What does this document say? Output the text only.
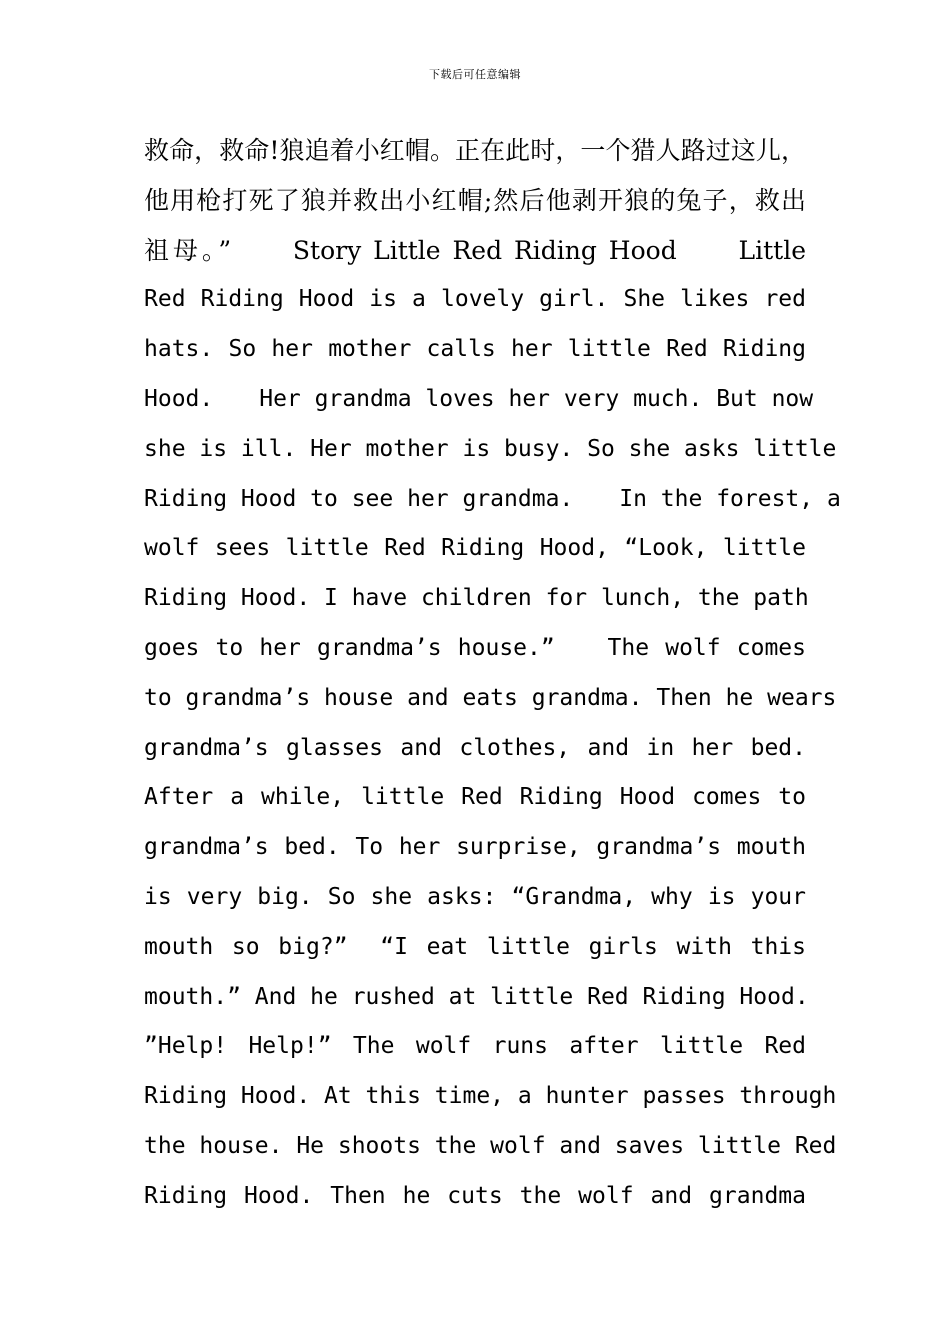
下载后可任意编辑
救命，救命!狼追着小红帽。正在此时，一个猎人路过这儿，
他用枪打死了狼并救出小红帽;然后他剥开狼的兔子，救出
祖母。”　　Story Little Red Riding Hood　　Little
Red Riding Hood is a lovely girl. She likes red
hats. So her mother calls her little Red Riding
Hood.　　Her grandma loves her very much. But now
she is ill. Her mother is busy. So she asks little
Riding Hood to see her grandma.　　In the forest, a
wolf sees little Red Riding Hood, “Look, little
Riding Hood. I have children for lunch, the path
goes to her grandma’s house.”　　The wolf comes
to grandma’s house and eats grandma. Then he wears
grandma’s glasses and clothes, and in her bed.
After a while, little Red Riding Hood comes to
grandma’s bed. To her surprise, grandma’s mouth
is very big. So she asks: “Grandma, why is your
mouth so big?”　“I eat little girls with this
mouth.” And he rushed at little Red Riding Hood.
”Help! Help!” The wolf runs after little Red
Riding Hood. At this time, a hunter passes through
the house. He shoots the wolf and saves little Red
Riding Hood. Then he cuts the wolf and grandma
